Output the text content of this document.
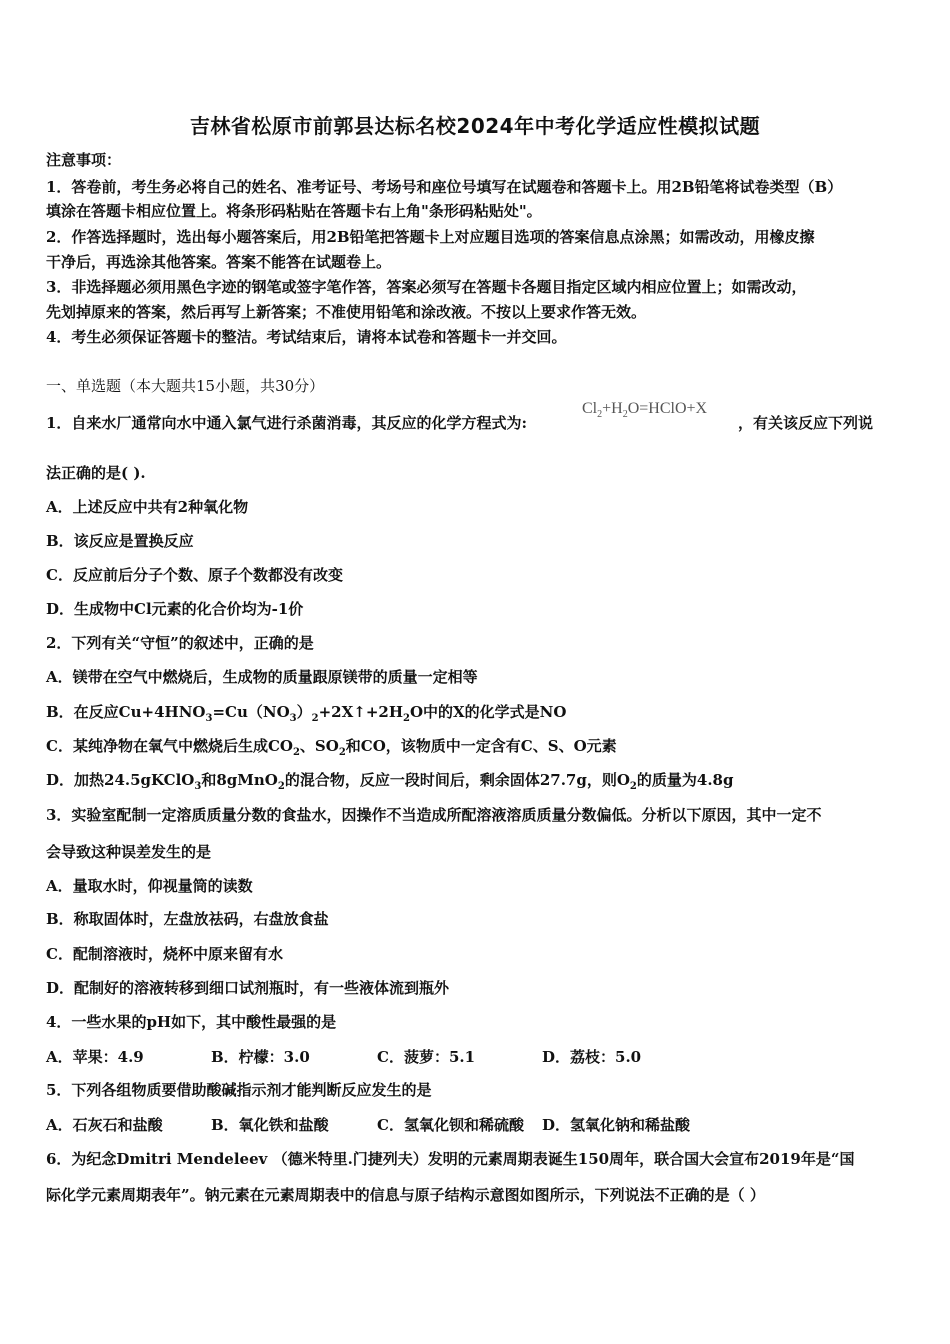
吉林省松原市前郭县达标名校2024年中考化学适应性模拟试题
注意事项：
1．答卷前，考生务必将自己的姓名、准考证号、考场号和座位号填写在试题卷和答题卡上。用2B铅笔将试卷类型（B）
填涂在答题卡相应位置上。将条形码粘贴在答题卡右上角"条形码粘贴处"。
2．作答选择题时，选出每小题答案后，用2B铅笔把答题卡上对应题目选项的答案信息点涂黑；如需改动，用橡皮擦
干净后，再选涂其他答案。答案不能答在试题卷上。
3．非选择题必须用黑色字迹的钢笔或签字笔作答，答案必须写在答题卡各题目指定区域内相应位置上；如需改动，
先划掉原来的答案，然后再写上新答案；不准使用铅笔和涂改液。不按以上要求作答无效。
4．考生必须保证答题卡的整洁。考试结束后，请将本试卷和答题卡一并交回。
一、单选题（本大题共15小题，共30分）
1．自来水厂通常向水中通入氯气进行杀菌消毒，其反应的化学方程式为:
$Cl_2+H_2O=HClO+X$
，有关该反应下列说
法正确的是( ).
A．上述反应中共有2种氧化物
B．该反应是置换反应
C．反应前后分子个数、原子个数都没有改变
D．生成物中Cl元素的化合价均为-1价
2．下列有关“守恒”的叙述中，正确的是
A．镁带在空气中燃烧后，生成物的质量跟原镁带的质量一定相等
B．在反应$Cu+4HNO_3=Cu(NO_3)_2+2X↑+2H_2O$中的X的化学式是NO
C．某纯净物在氧气中燃烧后生成$CO_2$、$SO_2$和CO，该物质中一定含有C、S、O元素
D．加热24.5gKClO$_3$和8gMnO$_2$的混合物，反应一段时间后，剩余固体27.7g，则$O_2$的质量为4.8g
3．实验室配制一定溶质质量分数的食盐水，因操作不当造成所配溶液溶质质量分数偏低。分析以下原因，其中一定不
会导致这种误差发生的是
A．量取水时，仰视量筒的读数
B．称取固体时，左盘放祛码，右盘放食盐
C．配制溶液时，烧杯中原来留有水
D．配制好的溶液转移到细口试剂瓶时，有一些液体流到瓶外
4．一些水果的pH如下，其中酸性最强的是
A．苹果：4.9	B．柠檬：3.0	C．菠萝：5.1	D．荔枝：5.0
5．下列各组物质要借助酸碱指示剂才能判断反应发生的是
A．石灰石和盐酸	B．氧化铁和盐酸	C．氢氧化钡和稀硫酸 D．氢氧化钠和稀盐酸
6．为纪念Dmitri Mendeleev （德米特里.门捷列夫）发明的元素周期表诞生150周年，联合国大会宣布2019年是“国
际化学元素周期表年”。钠元素在元素周期表中的信息与原子结构示意图如图所示，下列说法不正确的是（ ）
